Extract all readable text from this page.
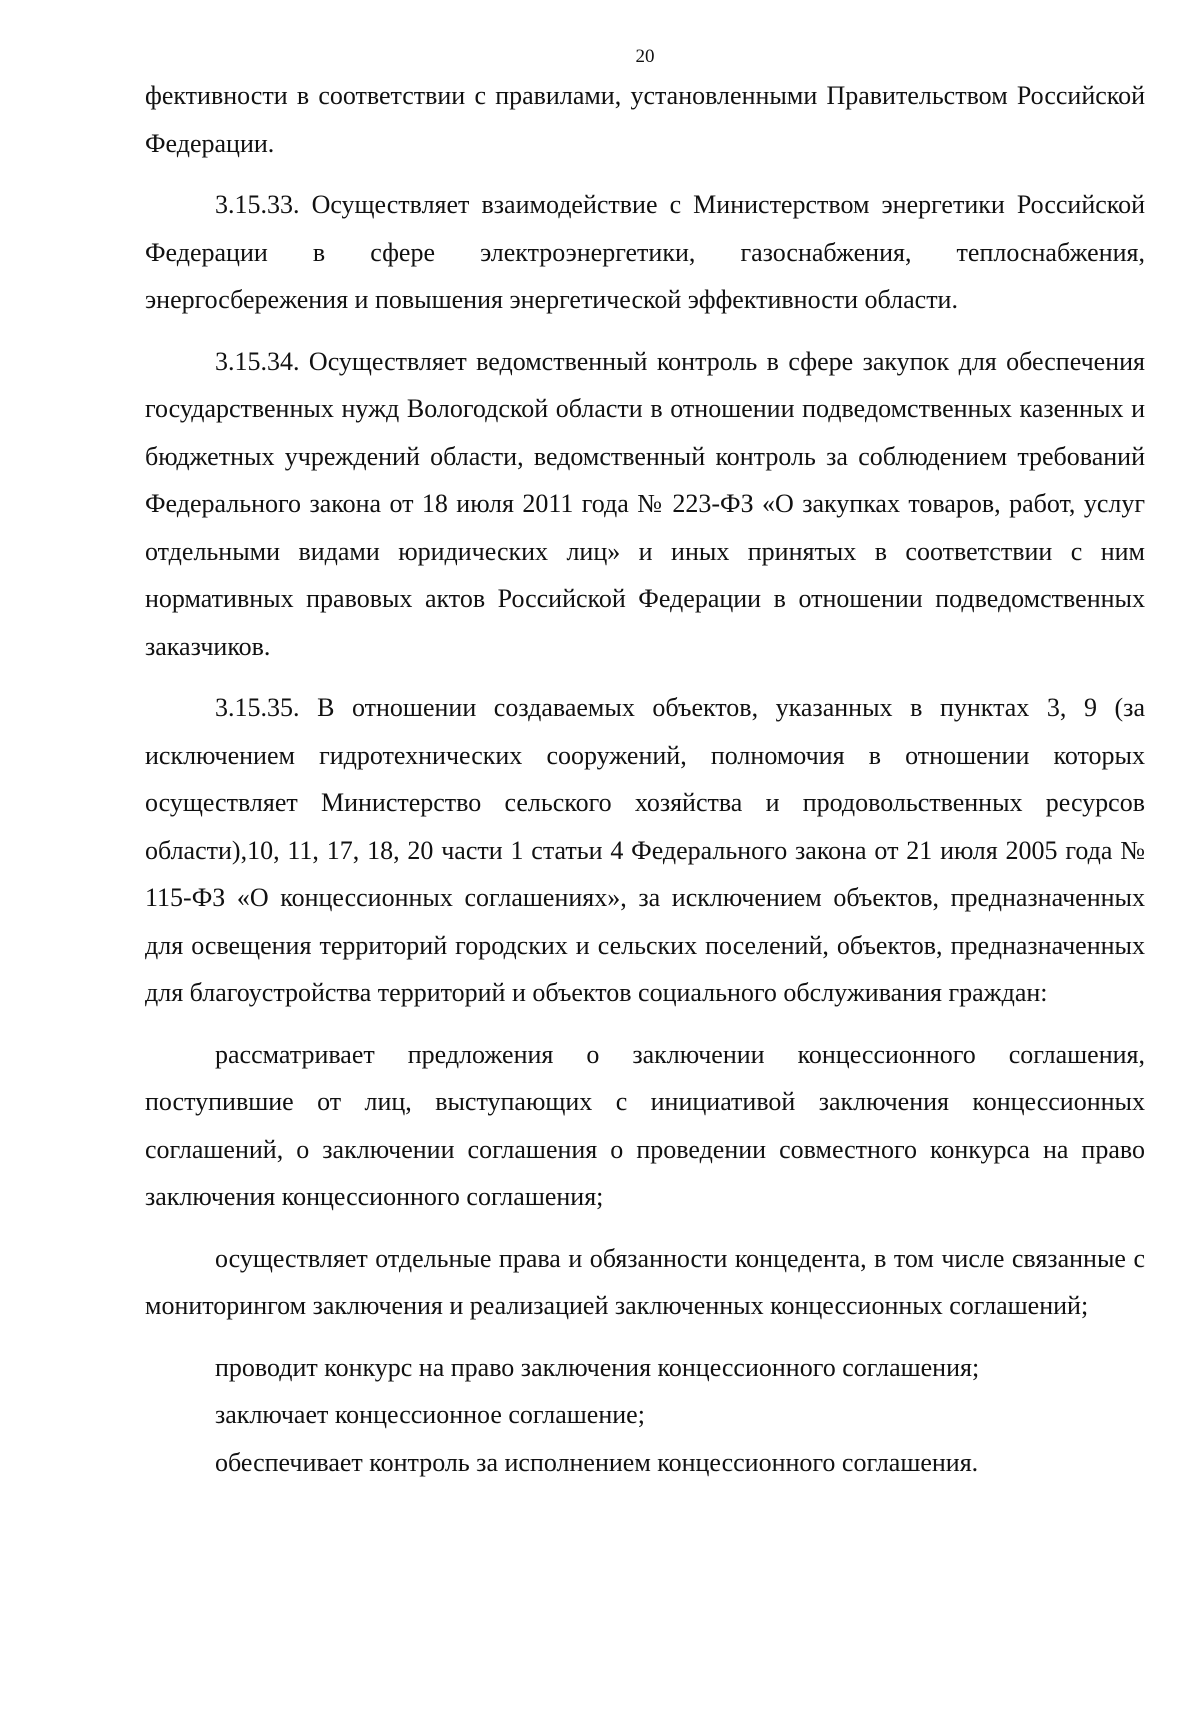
20

фективности в соответствии с правилами, установленными Правительством Российской Федерации.

3.15.33. Осуществляет взаимодействие с Министерством энергетики Российской Федерации в сфере электроэнергетики, газоснабжения, теплоснабжения, энергосбережения и повышения энергетической эффективности области.

3.15.34. Осуществляет ведомственный контроль в сфере закупок для обеспечения государственных нужд Вологодской области в отношении подведомственных казенных и бюджетных учреждений области, ведомственный контроль за соблюдением требований Федерального закона от 18 июля 2011 года № 223-ФЗ «О закупках товаров, работ, услуг отдельными видами юридических лиц» и иных принятых в соответствии с ним нормативных правовых актов Российской Федерации в отношении подведомственных заказчиков.

3.15.35. В отношении создаваемых объектов, указанных в пунктах 3, 9 (за исключением гидротехнических сооружений, полномочия в отношении которых осуществляет Министерство сельского хозяйства и продовольственных ресурсов области),10, 11, 17, 18, 20 части 1 статьи 4 Федерального закона от 21 июля 2005 года № 115-ФЗ «О концессионных соглашениях», за исключением объектов, предназначенных для освещения территорий городских и сельских поселений, объектов, предназначенных для благоустройства территорий и объектов социального обслуживания граждан:

рассматривает предложения о заключении концессионного соглашения, поступившие от лиц, выступающих с инициативой заключения концессионных соглашений, о заключении соглашения о проведении совместного конкурса на право заключения концессионного соглашения;

осуществляет отдельные права и обязанности концедента, в том числе связанные с мониторингом заключения и реализацией заключенных концессионных соглашений;

проводит конкурс на право заключения концессионного соглашения;

заключает концессионное соглашение;

обеспечивает контроль за исполнением концессионного соглашения.
